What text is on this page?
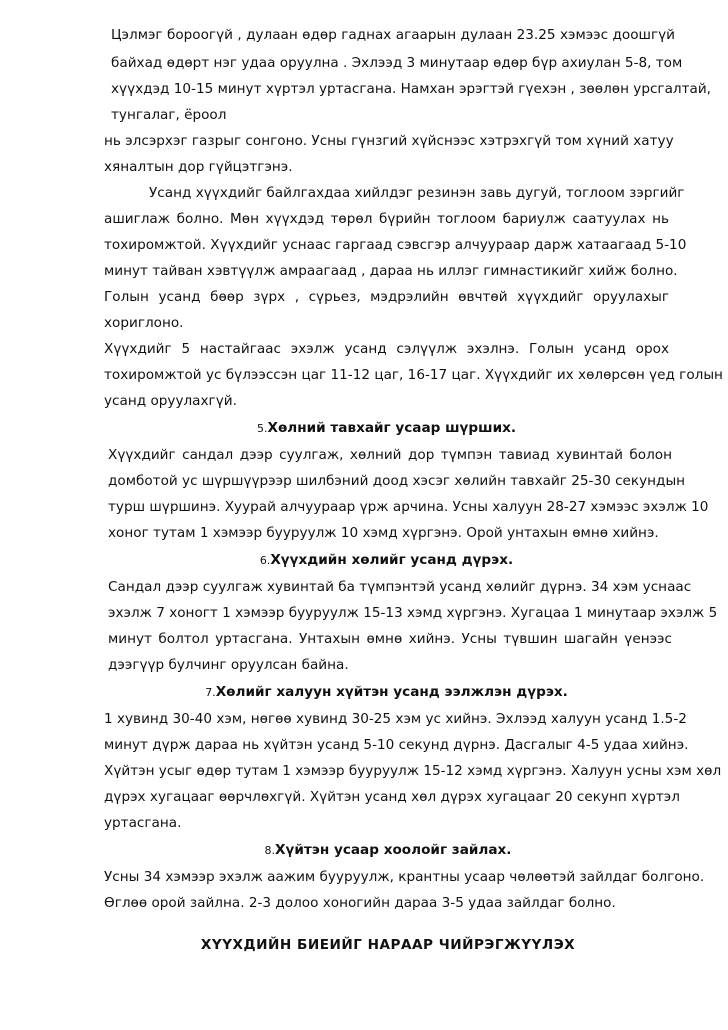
Цэлмэг бороогүй , дулаан өдөр гаднах агаарын дулаан 23.25 хэмээс доошгүй
байхад өдөрт нэг удаа оруулна . Эхлээд 3 минутаар өдөр бүр ахиулан 5-8, том
хүүхдэд 10-15 минут хүртэл уртасгана. Намхан эрэгтэй гүехэн , зөөлөн урсгалтай,
тунгалаг, ёроол
нь элсэрхэг газрыг сонгоно. Усны гүнзгий хүйснээс хэтрэхгүй том хүний хатуу
хяналтын дор гүйцэтгэнэ.
Усанд хүүхдийг байлгахдаа хийлдэг резинэн завь дугуй, тоглоом зэргийг
ашиглаж болно. Мөн хүүхдэд төрөл бүрийн тоглоом бариулж саатуулах нь
тохиромжтой. Хүүхдийг уснаас гаргаад сэвсгэр алчуураар дарж хатаагаад 5-10
минут тайван хэвтүүлж амраагаад , дараа нь иллэг гимнастикийг хийж болно.
Голын усанд бөөр зүрх , сүрьез, мэдрэлийн өвчтөй хүүхдийг оруулахыг
хориглоно.
Хүүхдийг 5 настайгаас эхэлж усанд сэлүүлж эхэлнэ. Голын усанд орох
тохиромжтой ус бүлээссэн цаг 11-12 цаг, 16-17 цаг. Хүүхдийг их хөлөрсөн үед голын
усанд оруулахгүй.
5.Хөлний тавхайг усаар шүрших.
Хүүхдийг сандал дээр суулгаж, хөлний дор түмпэн тавиад хувинтай болон
домботой ус шүршүүрээр шилбэний доод хэсэг хөлийн тавхайг 25-30 секундын
турш шүршинэ. Хуурай алчуураар үрж арчина. Усны халуун 28-27 хэмээс эхэлж 10
хоног тутам 1 хэмээр бууруулж 10 хэмд хүргэнэ. Орой унтахын өмнө хийнэ.
6.Хүүхдийн хөлийг усанд дүрэх.
Сандал дээр суулгаж хувинтай ба түмпэнтэй усанд хөлийг дүрнэ. 34 хэм уснаас
эхэлж 7 хоногт 1 хэмээр бууруулж 15-13 хэмд хүргэнэ. Хугацаа 1 минутаар эхэлж 5
минут болтол уртасгана. Унтахын өмнө хийнэ. Усны түвшин шагайн үенээс
дээгүүр булчинг оруулсан байна.
7.Хөлийг халуун хүйтэн усанд ээлжлэн дүрэх.
1 хувинд 30-40 хэм, нөгөө хувинд 30-25 хэм ус хийнэ. Эхлээд халуун усанд 1.5-2
минут дүрж дараа нь хүйтэн усанд 5-10 секунд дүрнэ. Дасгалыг 4-5 удаа хийнэ.
Хүйтэн усыг өдөр тутам 1 хэмээр бууруулж 15-12 хэмд хүргэнэ. Халуун усны хэм хөл
дүрэх хугацааг өөрчлөхгүй. Хүйтэн усанд хөл дүрэх хугацааг 20 секунп хүртэл
уртасгана.
8.Хүйтэн усаар хоолойг зайлах.
Усны 34 хэмээр эхэлж аажим бууруулж, крантны усаар чөлөөтэй зайлдаг болгоно.
Өглөө орой зайлна. 2-3 долоо хоногийн дараа 3-5 удаа зайлдаг болно.
ХҮҮХДИЙН БИЕИЙГ НАРААР ЧИЙРЭГЖҮҮЛЭХ
